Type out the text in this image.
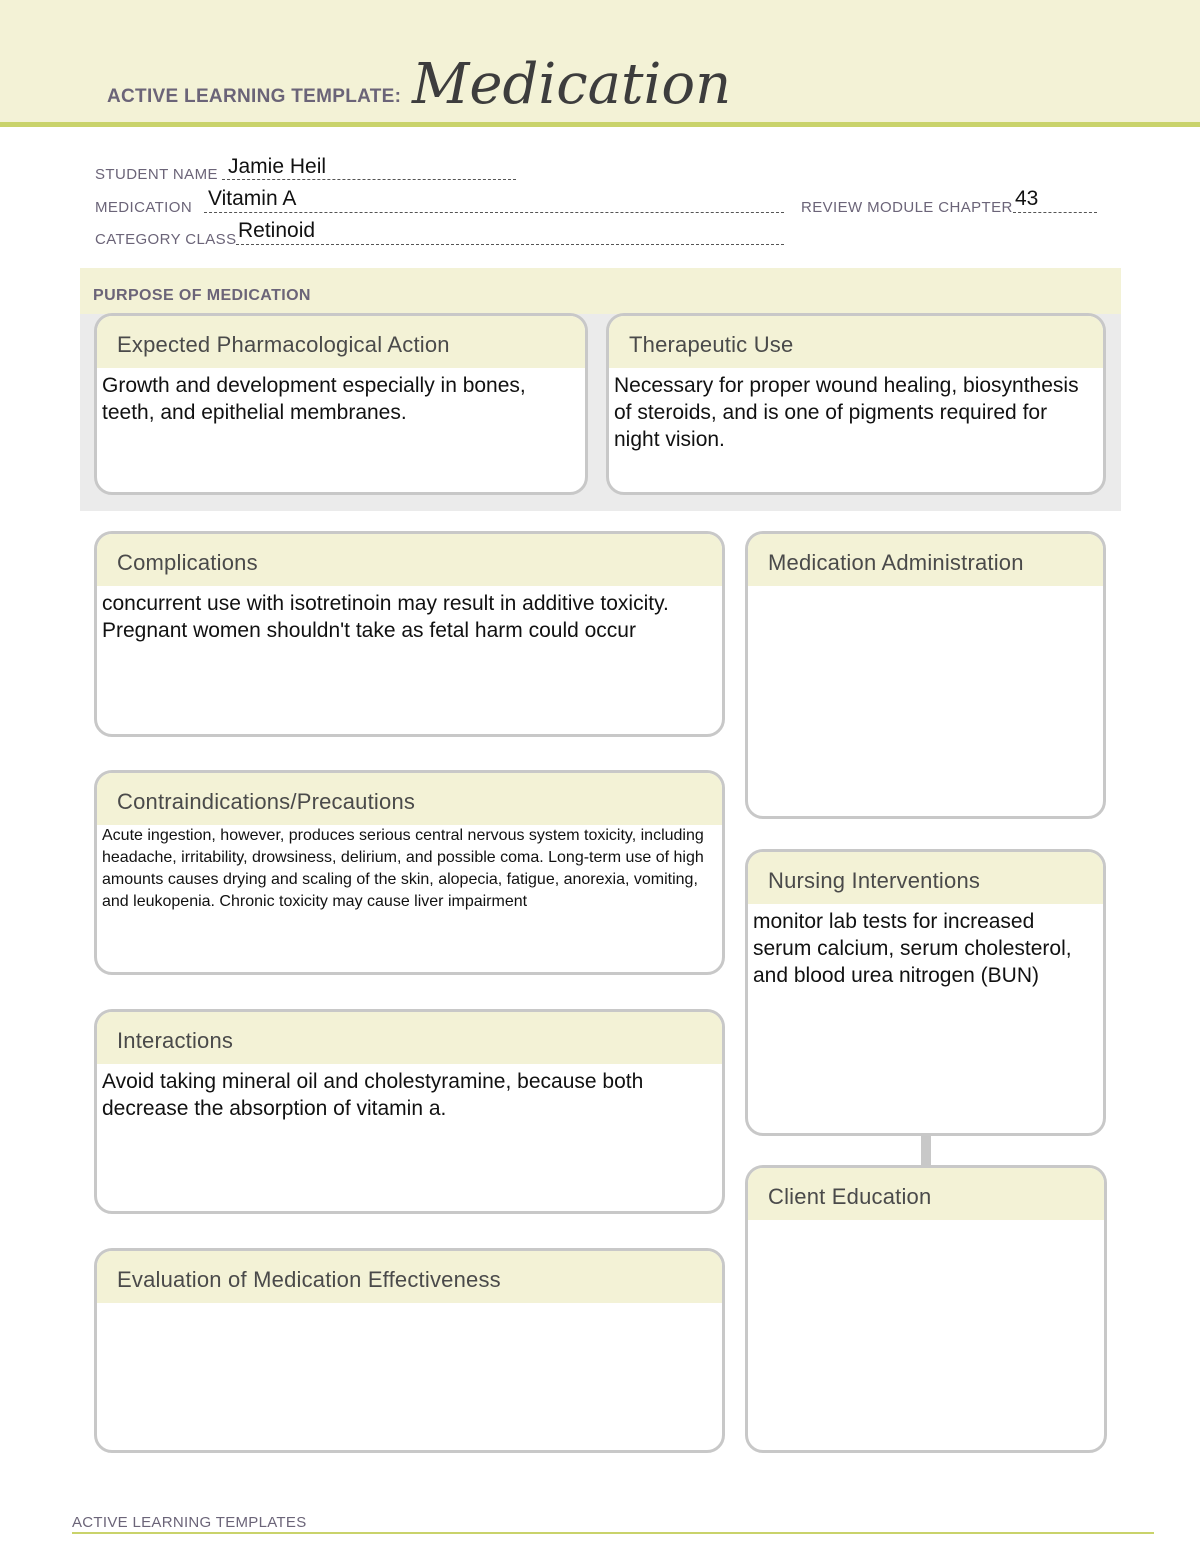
ACTIVE LEARNING TEMPLATE: Medication
STUDENT NAME Jamie Heil
MEDICATION Vitamin A	REVIEW MODULE CHAPTER 43
CATEGORY CLASS Retinoid
PURPOSE OF MEDICATION
Expected Pharmacological Action
Growth and development especially in bones, teeth, and epithelial membranes.
Therapeutic Use
Necessary for proper wound healing, biosynthesis of steroids, and is one of pigments required for night vision.
Complications
concurrent use with isotretinoin may result in additive toxicity. Pregnant women shouldn't take as fetal harm could occur
Contraindications/Precautions
Acute ingestion, however, produces serious central nervous system toxicity, including headache, irritability, drowsiness, delirium, and possible coma. Long-term use of high amounts causes drying and scaling of the skin, alopecia, fatigue, anorexia, vomiting, and leukopenia. Chronic toxicity may cause liver impairment
Interactions
Avoid taking mineral oil and cholestyramine, because both decrease the absorption of vitamin a.
Evaluation of Medication Effectiveness
Medication Administration
Nursing Interventions
monitor lab tests for increased serum calcium, serum cholesterol, and blood urea nitrogen (BUN)
Client Education
ACTIVE LEARNING TEMPLATES
